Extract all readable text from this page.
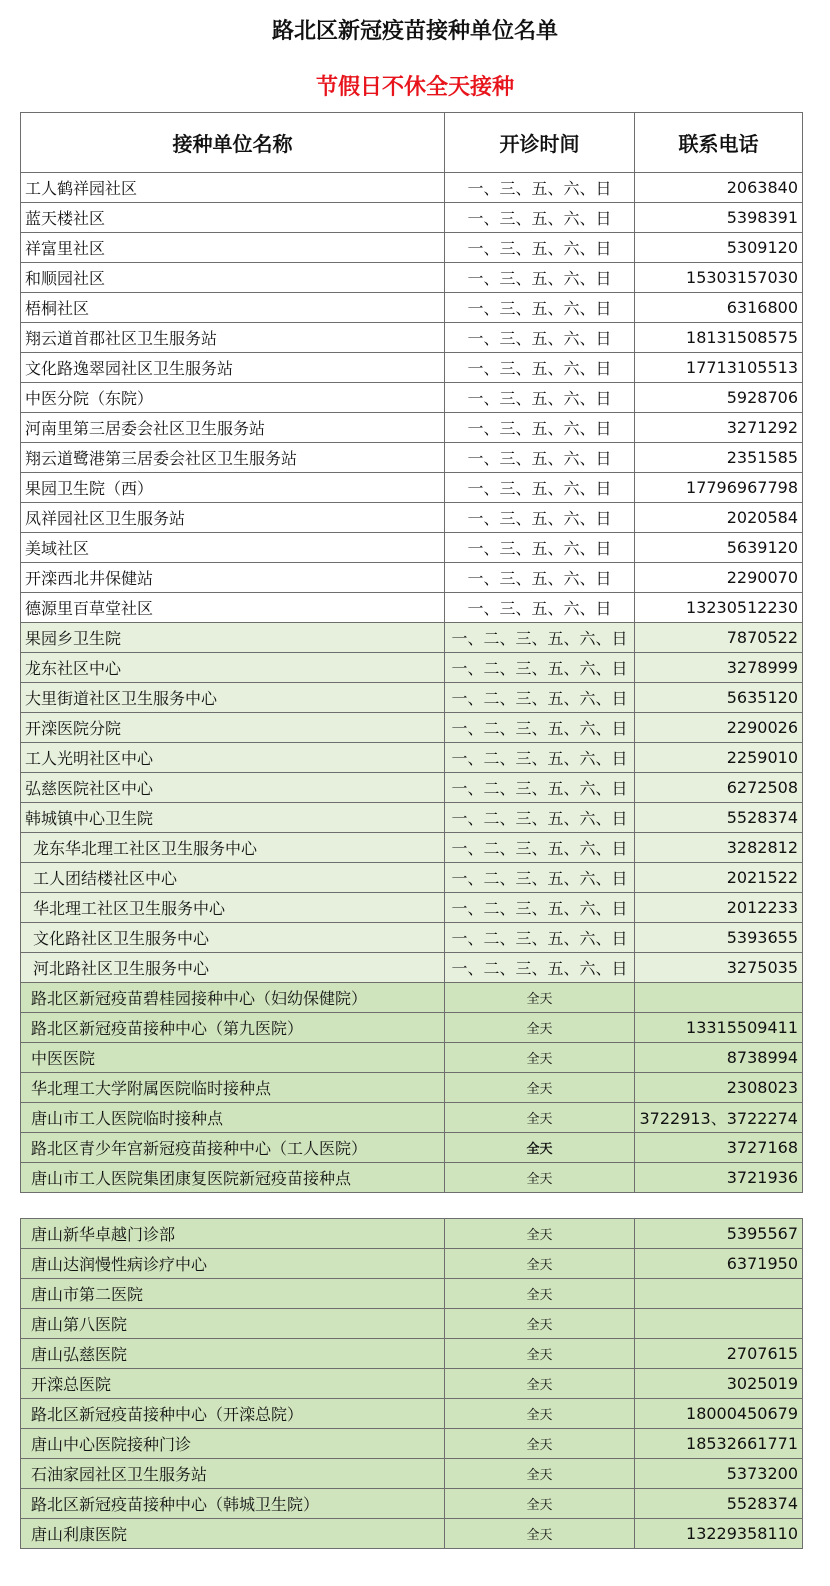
路北区新冠疫苗接种单位名单
节假日不休全天接种
接种单位名称	开诊时间	联系电话
工人鹤祥园社区	一、三、五、六、日	2063840
蓝天楼社区	一、三、五、六、日	5398391
祥富里社区	一、三、五、六、日	5309120
和顺园社区	一、三、五、六、日	15303157030
梧桐社区	一、三、五、六、日	6316800
翔云道首郡社区卫生服务站	一、三、五、六、日	18131508575
文化路逸翠园社区卫生服务站	一、三、五、六、日	17713105513
中医分院（东院）	一、三、五、六、日	5928706
河南里第三居委会社区卫生服务站	一、三、五、六、日	3271292
翔云道鹭港第三居委会社区卫生服务站	一、三、五、六、日	2351585
果园卫生院（西）	一、三、五、六、日	17796967798
凤祥园社区卫生服务站	一、三、五、六、日	2020584
美域社区	一、三、五、六、日	5639120
开滦西北井保健站	一、三、五、六、日	2290070
德源里百草堂社区	一、三、五、六、日	13230512230
果园乡卫生院	一、二、三、五、六、日	7870522
龙东社区中心	一、二、三、五、六、日	3278999
大里街道社区卫生服务中心	一、二、三、五、六、日	5635120
开滦医院分院	一、二、三、五、六、日	2290026
工人光明社区中心	一、二、三、五、六、日	2259010
弘慈医院社区中心	一、二、三、五、六、日	6272508
韩城镇中心卫生院	一、二、三、五、六、日	5528374
龙东华北理工社区卫生服务中心	一、二、三、五、六、日	3282812
工人团结楼社区中心	一、二、三、五、六、日	2021522
华北理工社区卫生服务中心	一、二、三、五、六、日	2012233
文化路社区卫生服务中心	一、二、三、五、六、日	5393655
河北路社区卫生服务中心	一、二、三、五、六、日	3275035
路北区新冠疫苗碧桂园接种中心（妇幼保健院）	全天	
路北区新冠疫苗接种中心（第九医院）	全天	13315509411
中医医院	全天	8738994
华北理工大学附属医院临时接种点	全天	2308023
唐山市工人医院临时接种点	全天	3722913、3722274
路北区青少年宫新冠疫苗接种中心（工人医院）	全天	3727168
唐山市工人医院集团康复医院新冠疫苗接种点	全天	3721936
唐山新华卓越门诊部	全天	5395567
唐山达润慢性病诊疗中心	全天	6371950
唐山市第二医院	全天	
唐山第八医院	全天	
唐山弘慈医院	全天	2707615
开滦总医院	全天	3025019
路北区新冠疫苗接种中心（开滦总院）	全天	18000450679
唐山中心医院接种门诊	全天	18532661771
石油家园社区卫生服务站	全天	5373200
路北区新冠疫苗接种中心（韩城卫生院）	全天	5528374
唐山利康医院	全天	13229358110
